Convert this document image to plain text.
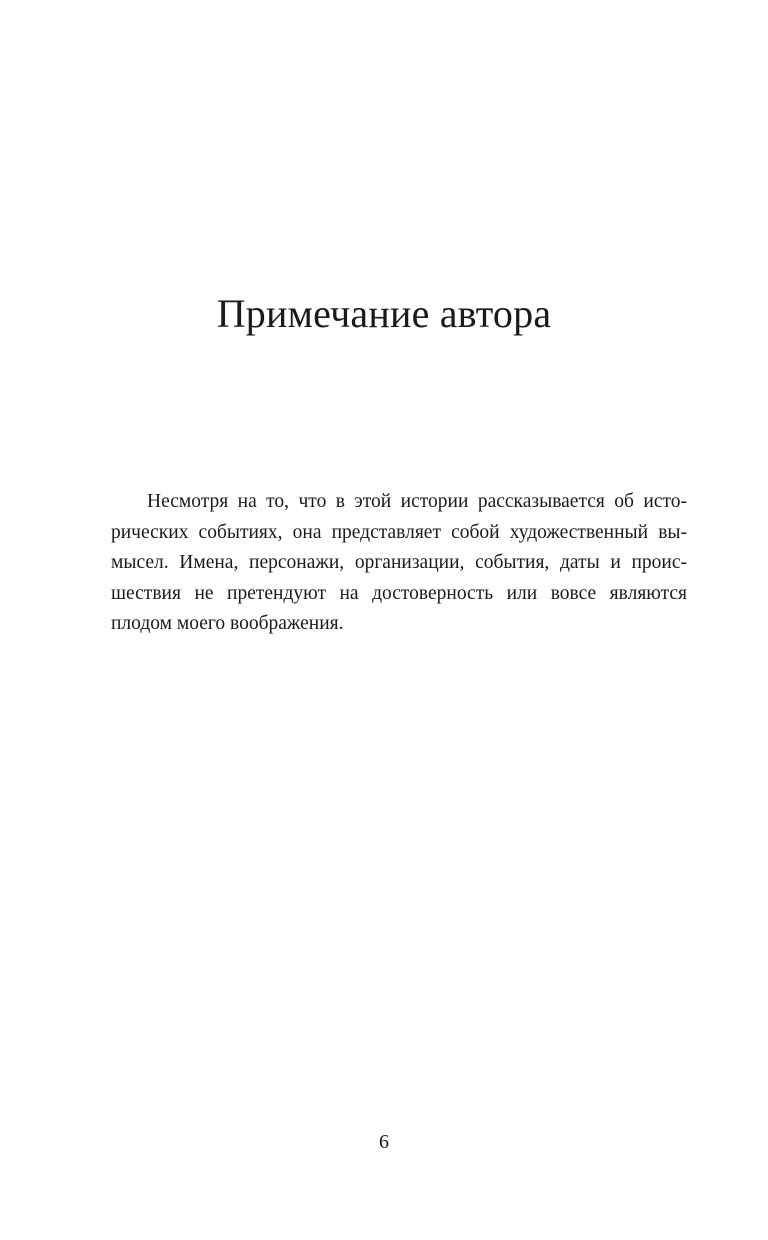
Примечание автора
Несмотря на то, что в этой истории рассказывается об исто-
рических событиях, она представляет собой художественный вы-
мысел. Имена, персонажи, организации, события, даты и проис-
шествия не претендуют на достоверность или вовсе являются
плодом моего воображения.
6
